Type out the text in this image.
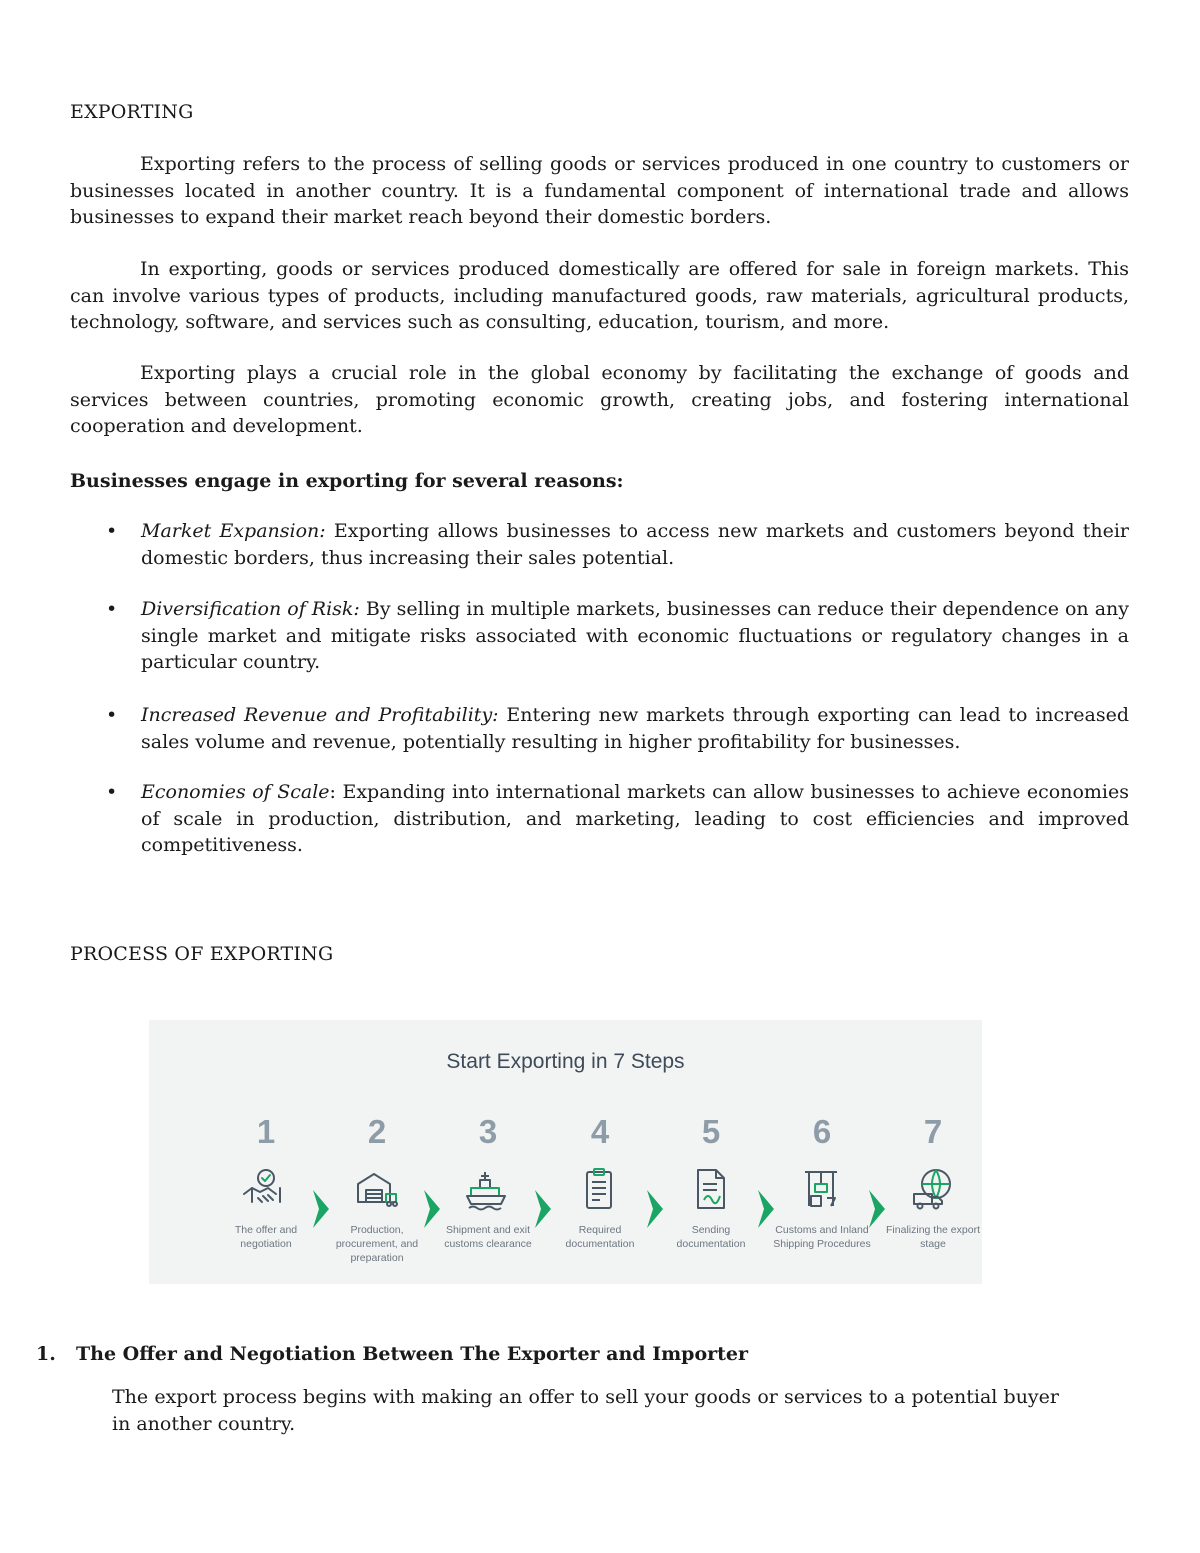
EXPORTING

Exporting refers to the process of selling goods or services produced in one country to customers or businesses located in another country. It is a fundamental component of international trade and allows businesses to expand their market reach beyond their domestic borders.

In exporting, goods or services produced domestically are offered for sale in foreign markets. This can involve various types of products, including manufactured goods, raw materials, agricultural products, technology, software, and services such as consulting, education, tourism, and more.

Exporting plays a crucial role in the global economy by facilitating the exchange of goods and services between countries, promoting economic growth, creating jobs, and fostering international cooperation and development.

Businesses engage in exporting for several reasons:

• Market Expansion: Exporting allows businesses to access new markets and customers beyond their domestic borders, thus increasing their sales potential.
• Diversification of Risk: By selling in multiple markets, businesses can reduce their dependence on any single market and mitigate risks associated with economic fluctuations or regulatory changes in a particular country.
• Increased Revenue and Profitability: Entering new markets through exporting can lead to increased sales volume and revenue, potentially resulting in higher profitability for businesses.
• Economies of Scale: Expanding into international markets can allow businesses to achieve economies of scale in production, distribution, and marketing, leading to cost efficiencies and improved competitiveness.
PROCESS OF EXPORTING
Start Exporting in 7 Steps
1
The offer and negotiation
2
Production, procurement, and preparation
3
Shipment and exit customs clearance
4
Required documentation
5
Sending documentation
6
Customs and Inland Shipping Procedures
7
Finalizing the export stage
1. The Offer and Negotiation Between The Exporter and Importer

The export process begins with making an offer to sell your goods or services to a potential buyer in another country.
